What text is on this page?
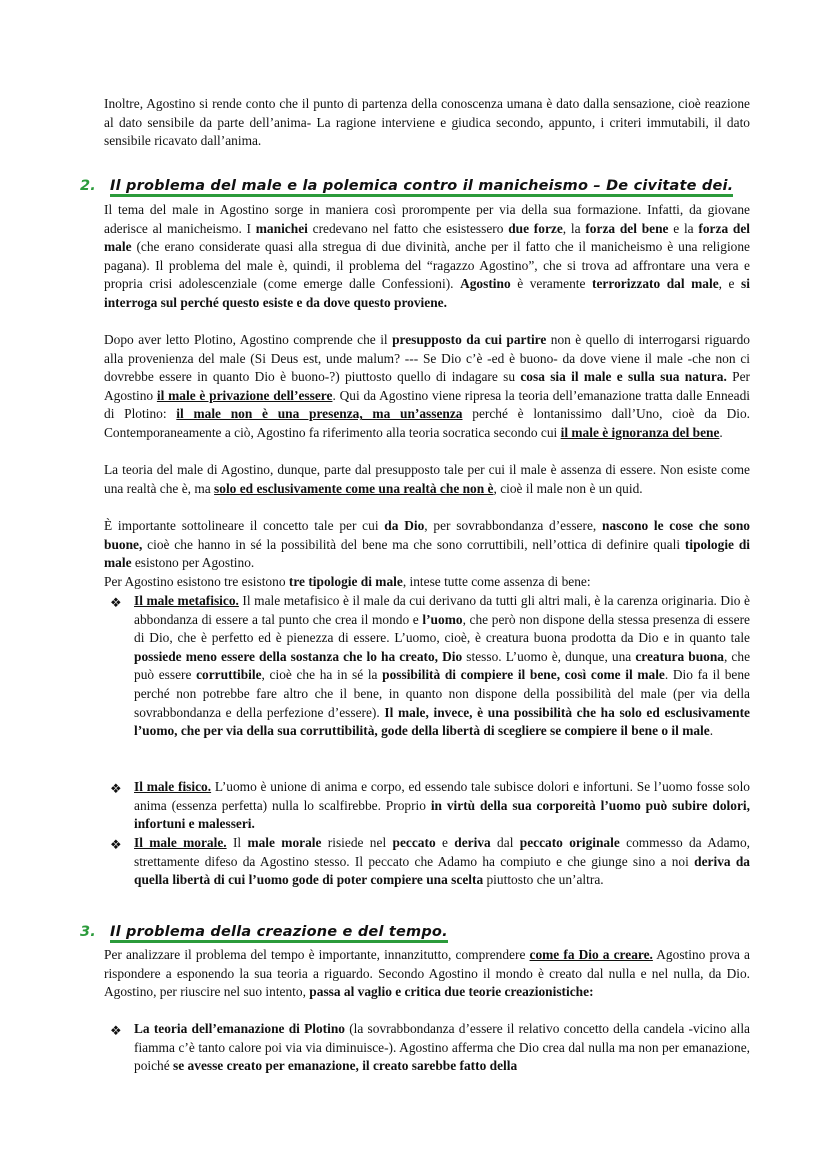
Inoltre, Agostino si rende conto che il punto di partenza della conoscenza umana è dato dalla sensazione, cioè reazione al dato sensibile da parte dell’anima- La ragione interviene e giudica secondo, appunto, i criteri immutabili, il dato sensibile ricavato dall’anima.

2. Il problema del male e la polemica contro il manicheismo – De civitate dei.

Il tema del male in Agostino sorge in maniera così prorompente per via della sua formazione. Infatti, da giovane aderisce al manicheismo. I manichei credevano nel fatto che esistessero due forze, la forza del bene e la forza del male (che erano considerate quasi alla stregua di due divinità, anche per il fatto che il manicheismo è una religione pagana). Il problema del male è, quindi, il problema del “ragazzo Agostino”, che si trova ad affrontare una vera e propria crisi adolescenziale (come emerge dalle Confessioni). Agostino è veramente terrorizzato dal male, e si interroga sul perché questo esiste e da dove questo proviene.

Dopo aver letto Plotino, Agostino comprende che il presupposto da cui partire non è quello di interrogarsi riguardo alla provenienza del male (Si Deus est, unde malum? --- Se Dio c’è -ed è buono- da dove viene il male -che non ci dovrebbe essere in quanto Dio è buono-?) piuttosto quello di indagare su cosa sia il male e sulla sua natura. Per Agostino il male è privazione dell’essere. Qui da Agostino viene ripresa la teoria dell’emanazione tratta dalle Enneadi di Plotino: il male non è una presenza, ma un’assenza perché è lontanissimo dall’Uno, cioè da Dio. Contemporaneamente a ciò, Agostino fa riferimento alla teoria socratica secondo cui il male è ignoranza del bene.

La teoria del male di Agostino, dunque, parte dal presupposto tale per cui il male è assenza di essere. Non esiste come una realtà che è, ma solo ed esclusivamente come una realtà che non è, cioè il male non è un quid.

È importante sottolineare il concetto tale per cui da Dio, per sovrabbondanza d’essere, nascono le cose che sono buone, cioè che hanno in sé la possibilità del bene ma che sono corruttibili, nell’ottica di definire quali tipologie di male esistono per Agostino.

Per Agostino esistono tre esistono tre tipologie di male, intese tutte come assenza di bene:

❖ Il male metafisico. Il male metafisico è il male da cui derivano da tutti gli altri mali, è la carenza originaria. Dio è abbondanza di essere a tal punto che crea il mondo e l’uomo, che però non dispone della stessa presenza di essere di Dio, che è perfetto ed è pienezza di essere. L’uomo, cioè, è creatura buona prodotta da Dio e in quanto tale possiede meno essere della sostanza che lo ha creato, Dio stesso. L’uomo è, dunque, una creatura buona, che può essere corruttibile, cioè che ha in sé la possibilità di compiere il bene, così come il male. Dio fa il bene perché non potrebbe fare altro che il bene, in quanto non dispone della possibilità del male (per via della sovrabbondanza e della perfezione d’essere). Il male, invece, è una possibilità che ha solo ed esclusivamente l’uomo, che per via della sua corruttibilità, gode della libertà di scegliere se compiere il bene o il male.

❖ Il male fisico. L’uomo è unione di anima e corpo, ed essendo tale subisce dolori e infortuni. Se l’uomo fosse solo anima (essenza perfetta) nulla lo scalfirebbe. Proprio in virtù della sua corporeità l’uomo può subire dolori, infortuni e malesseri.

❖ Il male morale. Il male morale risiede nel peccato e deriva dal peccato originale commesso da Adamo, strettamente difeso da Agostino stesso. Il peccato che Adamo ha compiuto e che giunge sino a noi deriva da quella libertà di cui l’uomo gode di poter compiere una scelta piuttosto che un’altra.

3. Il problema della creazione e del tempo.

Per analizzare il problema del tempo è importante, innanzitutto, comprendere come fa Dio a creare. Agostino prova a rispondere a esponendo la sua teoria a riguardo. Secondo Agostino il mondo è creato dal nulla e nel nulla, da Dio. Agostino, per riuscire nel suo intento, passa al vaglio e critica due teorie creazionistiche:

❖ La teoria dell’emanazione di Plotino (la sovrabbondanza d’essere il relativo concetto della candela -vicino alla fiamma c’è tanto calore poi via via diminuisce-). Agostino afferma che Dio crea dal nulla ma non per emanazione, poiché se avesse creato per emanazione, il creato sarebbe fatto della
